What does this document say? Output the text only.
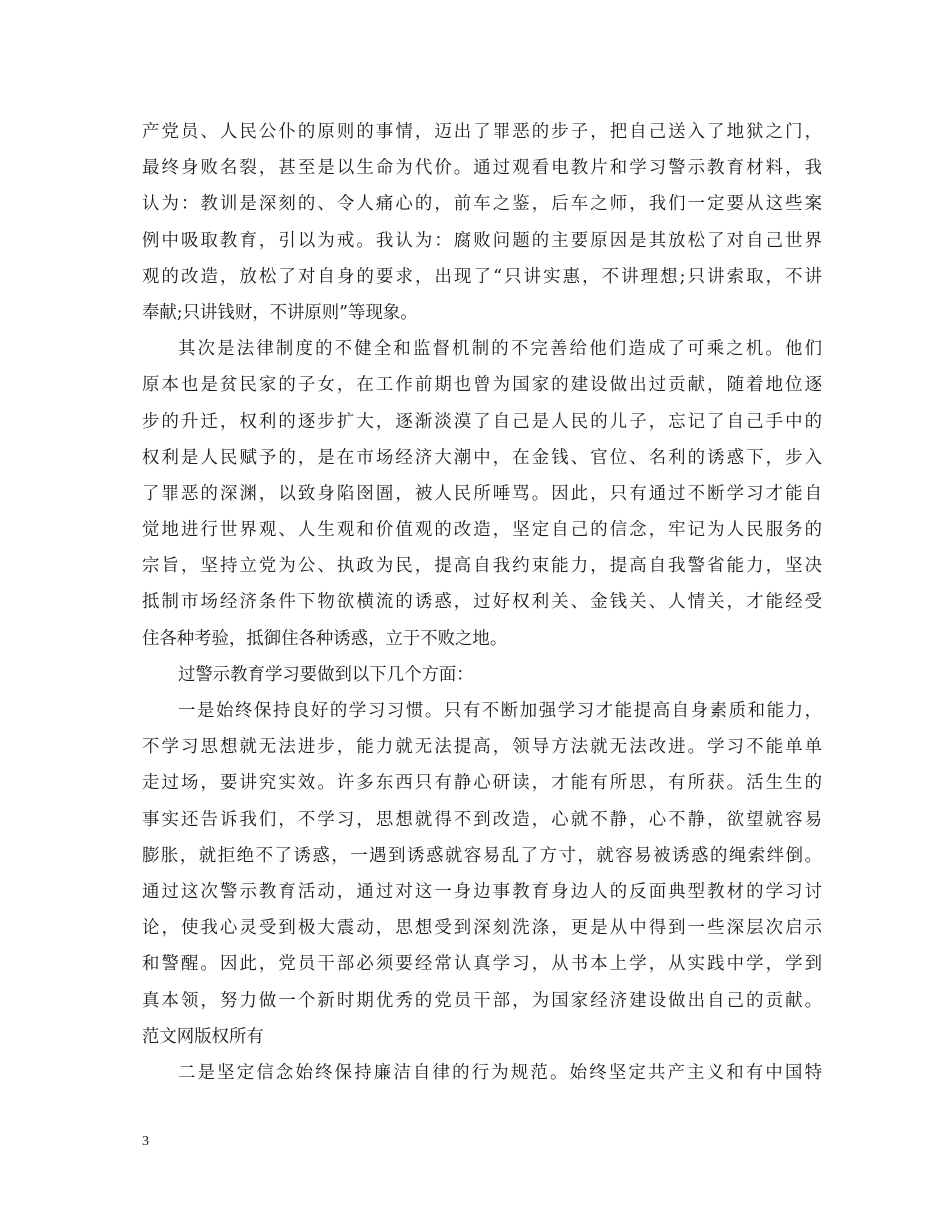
产党员、人民公仆的原则的事情，迈出了罪恶的步子，把自己送入了地狱之门，
最终身败名裂，甚至是以生命为代价。通过观看电教片和学习警示教育材料，我
认为：教训是深刻的、令人痛心的，前车之鉴，后车之师，我们一定要从这些案
例中吸取教育，引以为戒。我认为：腐败问题的主要原因是其放松了对自己世界
观的改造，放松了对自身的要求，出现了“只讲实惠，不讲理想;只讲索取，不讲
奉献;只讲钱财，不讲原则”等现象。
其次是法律制度的不健全和监督机制的不完善给他们造成了可乘之机。他们
原本也是贫民家的子女，在工作前期也曾为国家的建设做出过贡献，随着地位逐
步的升迁，权利的逐步扩大，逐渐淡漠了自己是人民的儿子，忘记了自己手中的
权利是人民赋予的，是在市场经济大潮中，在金钱、官位、名利的诱惑下，步入
了罪恶的深渊，以致身陷囹圄，被人民所唾骂。因此，只有通过不断学习才能自
觉地进行世界观、人生观和价值观的改造，坚定自己的信念，牢记为人民服务的
宗旨，坚持立党为公、执政为民，提高自我约束能力，提高自我警省能力，坚决
抵制市场经济条件下物欲横流的诱惑，过好权利关、金钱关、人情关，才能经受
住各种考验，抵御住各种诱惑，立于不败之地。
过警示教育学习要做到以下几个方面：
一是始终保持良好的学习习惯。只有不断加强学习才能提高自身素质和能力，
不学习思想就无法进步，能力就无法提高，领导方法就无法改进。学习不能单单
走过场，要讲究实效。许多东西只有静心研读，才能有所思，有所获。活生生的
事实还告诉我们，不学习，思想就得不到改造，心就不静，心不静，欲望就容易
膨胀，就拒绝不了诱惑，一遇到诱惑就容易乱了方寸，就容易被诱惑的绳索绊倒。
通过这次警示教育活动，通过对这一身边事教育身边人的反面典型教材的学习讨
论，使我心灵受到极大震动，思想受到深刻洗涤，更是从中得到一些深层次启示
和警醒。因此，党员干部必须要经常认真学习，从书本上学，从实践中学，学到
真本领，努力做一个新时期优秀的党员干部，为国家经济建设做出自己的贡献。
范文网版权所有
二是坚定信念始终保持廉洁自律的行为规范。始终坚定共产主义和有中国特
3
